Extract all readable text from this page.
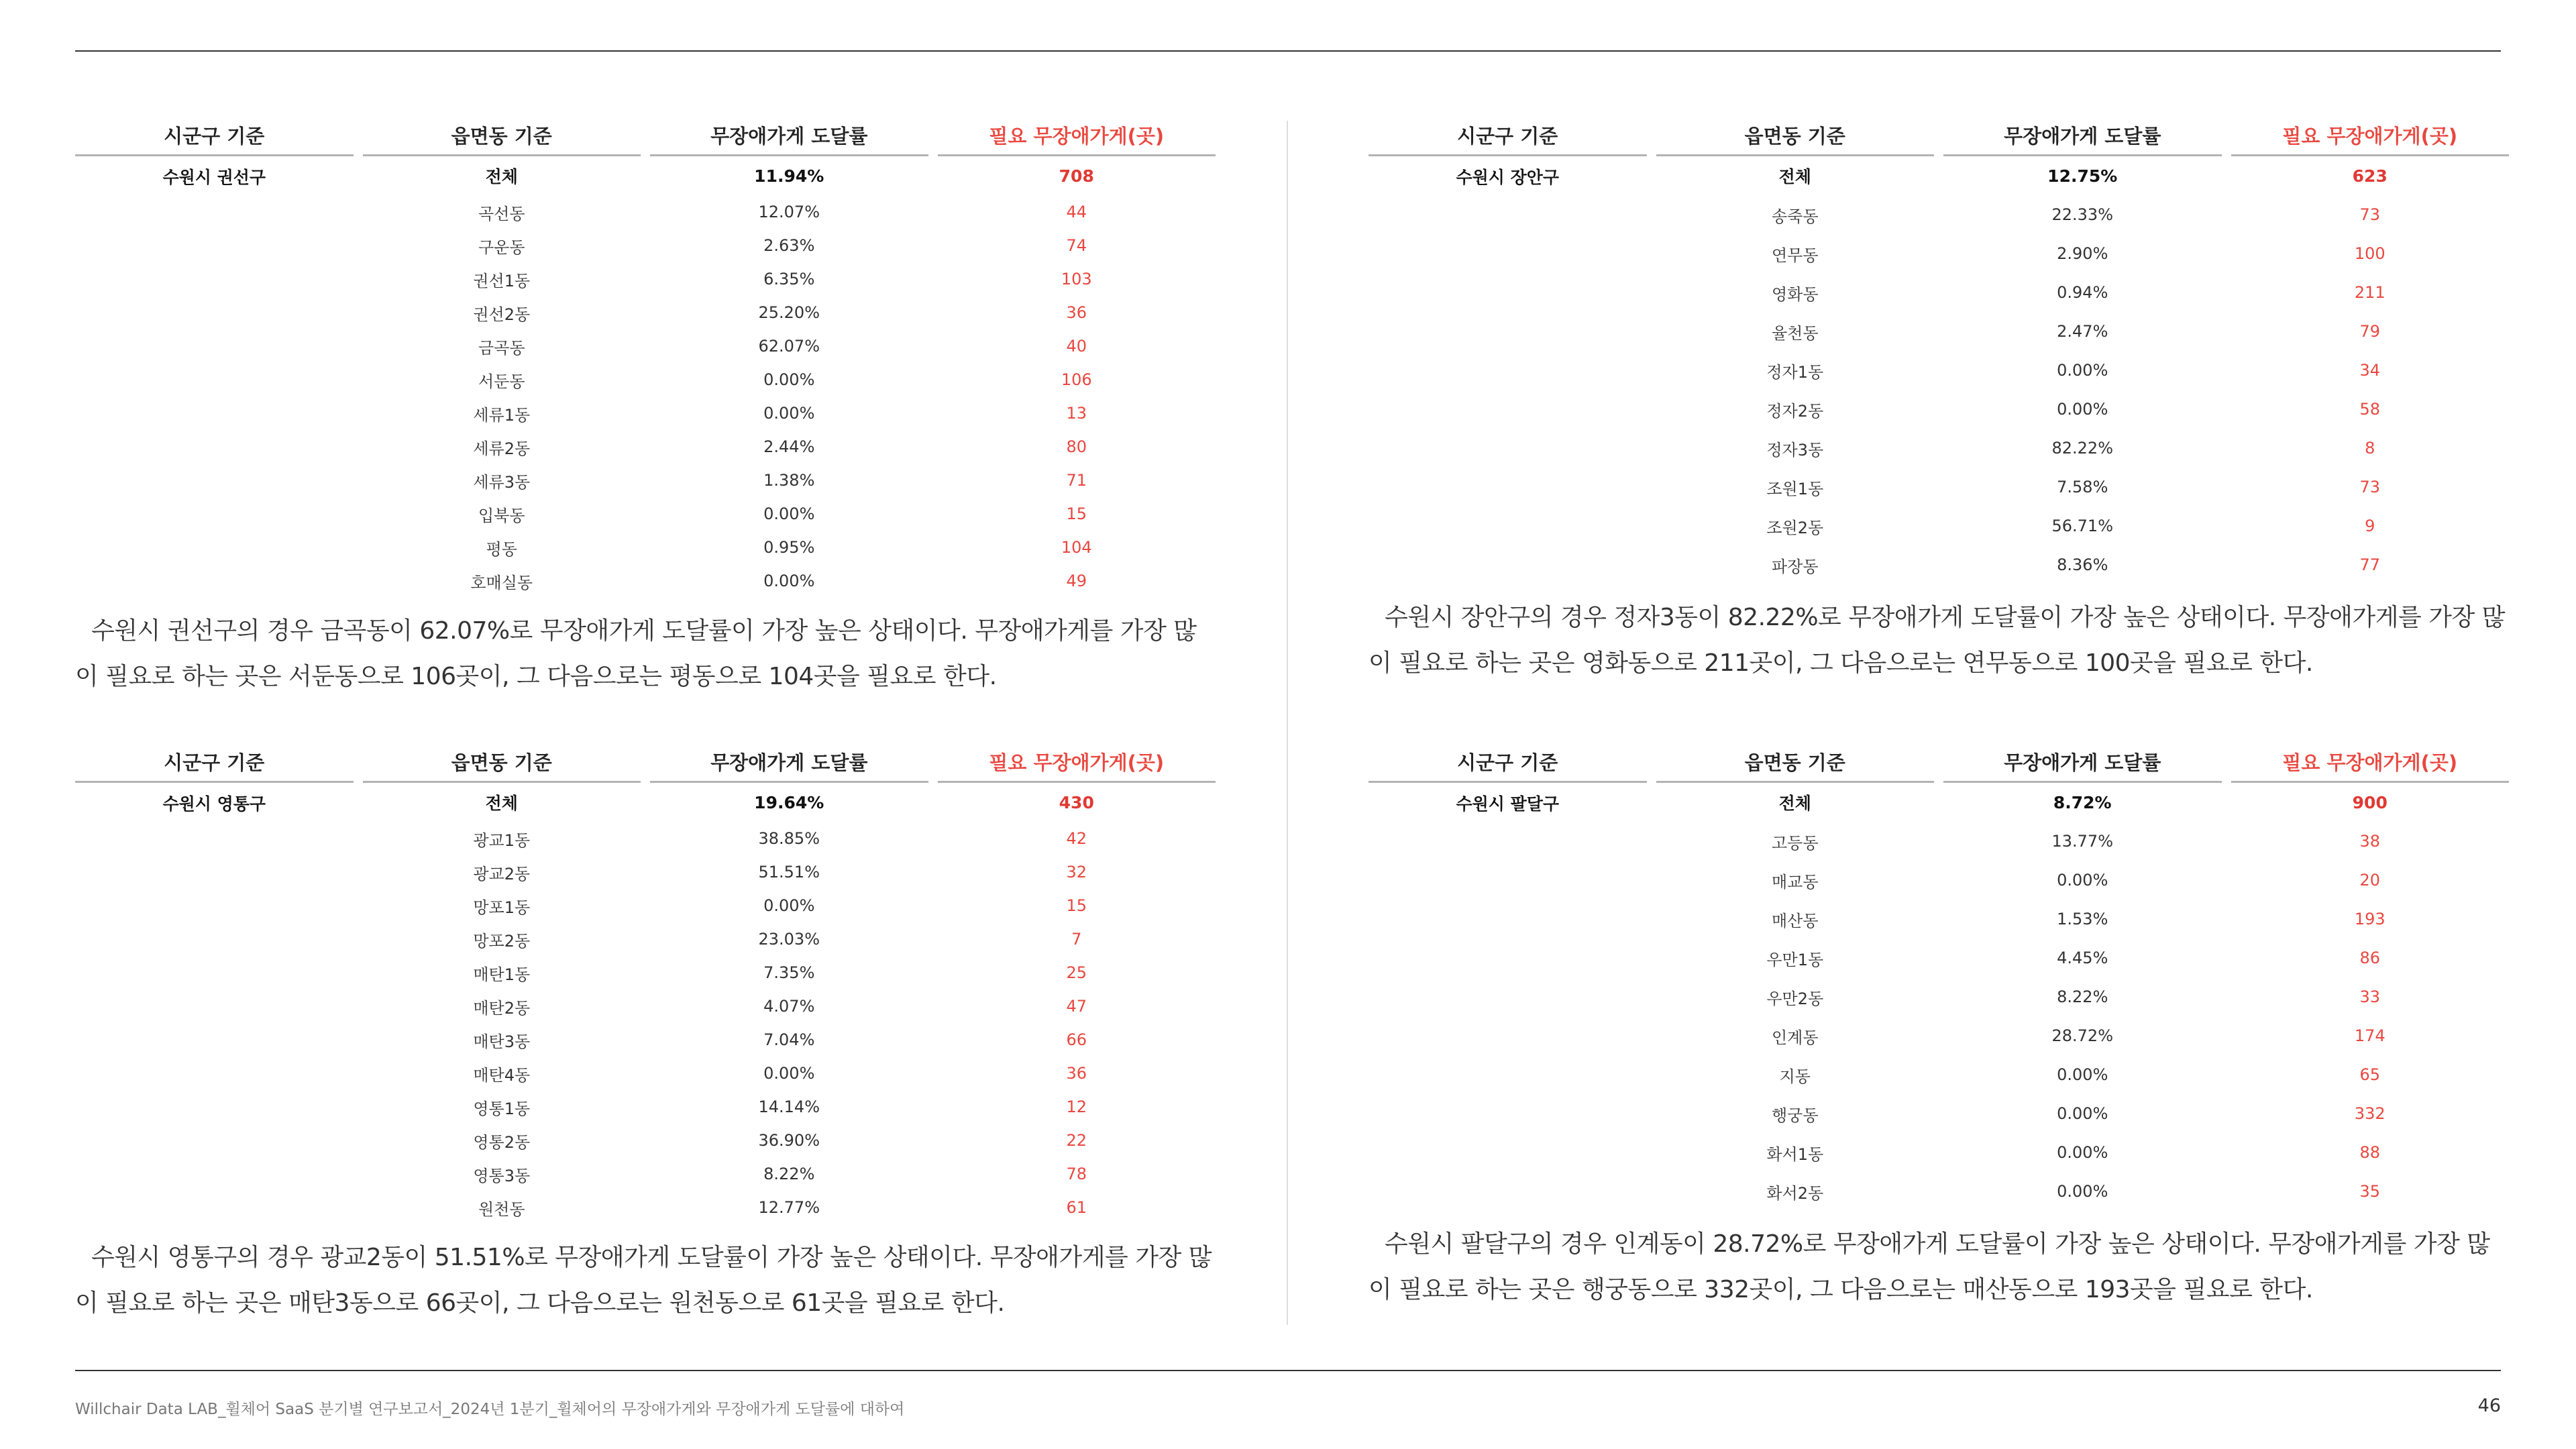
시군구 기준		읍면동 기준		무장애가게 도달률		필요 무장애가게(곳)
수원시 권선구		전체		11.94%		708
		곡선동		12.07%		44
		구운동		2.63%		74
		권선1동		6.35%		103
		권선2동		25.20%		36
		금곡동		62.07%		40
		서둔동		0.00%		106
		세류1동		0.00%		13
		세류2동		2.44%		80
		세류3동		1.38%		71
		입북동		0.00%		15
		평동		0.95%		104
		호매실동		0.00%		49
수원시 권선구의 경우 금곡동이 62.07%로 무장애가게 도달률이 가장 높은 상태이다. 무장애가게를 가장 많이 필요로 하는 곳은 서둔동으로 106곳이, 그 다음으로는 평동으로 104곳을 필요로 한다.
시군구 기준		읍면동 기준		무장애가게 도달률		필요 무장애가게(곳)
수원시 장안구		전체		12.75%		623
		송죽동		22.33%		73
		연무동		2.90%		100
		영화동		0.94%		211
		율천동		2.47%		79
		정자1동		0.00%		34
		정자2동		0.00%		58
		정자3동		82.22%		8
		조원1동		7.58%		73
		조원2동		56.71%		9
		파장동		8.36%		77
수원시 장안구의 경우 정자3동이 82.22%로 무장애가게 도달률이 가장 높은 상태이다. 무장애가게를 가장 많이 필요로 하는 곳은 영화동으로 211곳이, 그 다음으로는 연무동으로 100곳을 필요로 한다.
시군구 기준		읍면동 기준		무장애가게 도달률		필요 무장애가게(곳)
수원시 영통구		전체		19.64%		430
		광교1동		38.85%		42
		광교2동		51.51%		32
		망포1동		0.00%		15
		망포2동		23.03%		7
		매탄1동		7.35%		25
		매탄2동		4.07%		47
		매탄3동		7.04%		66
		매탄4동		0.00%		36
		영통1동		14.14%		12
		영통2동		36.90%		22
		영통3동		8.22%		78
		원천동		12.77%		61
수원시 영통구의 경우 광교2동이 51.51%로 무장애가게 도달률이 가장 높은 상태이다. 무장애가게를 가장 많이 필요로 하는 곳은 매탄3동으로 66곳이, 그 다음으로는 원천동으로 61곳을 필요로 한다.
시군구 기준		읍면동 기준		무장애가게 도달률		필요 무장애가게(곳)
수원시 팔달구		전체		8.72%		900
		고등동		13.77%		38
		매교동		0.00%		20
		매산동		1.53%		193
		우만1동		4.45%		86
		우만2동		8.22%		33
		인계동		28.72%		174
		지동		0.00%		65
		행궁동		0.00%		332
		화서1동		0.00%		88
		화서2동		0.00%		35
수원시 팔달구의 경우 인계동이 28.72%로 무장애가게 도달률이 가장 높은 상태이다. 무장애가게를 가장 많이 필요로 하는 곳은 행궁동으로 332곳이, 그 다음으로는 매산동으로 193곳을 필요로 한다.
Willchair Data LAB_휠체어 SaaS 분기별 연구보고서_2024년 1분기_휠체어의 무장애가게와 무장애가게 도달률에 대하여	46
